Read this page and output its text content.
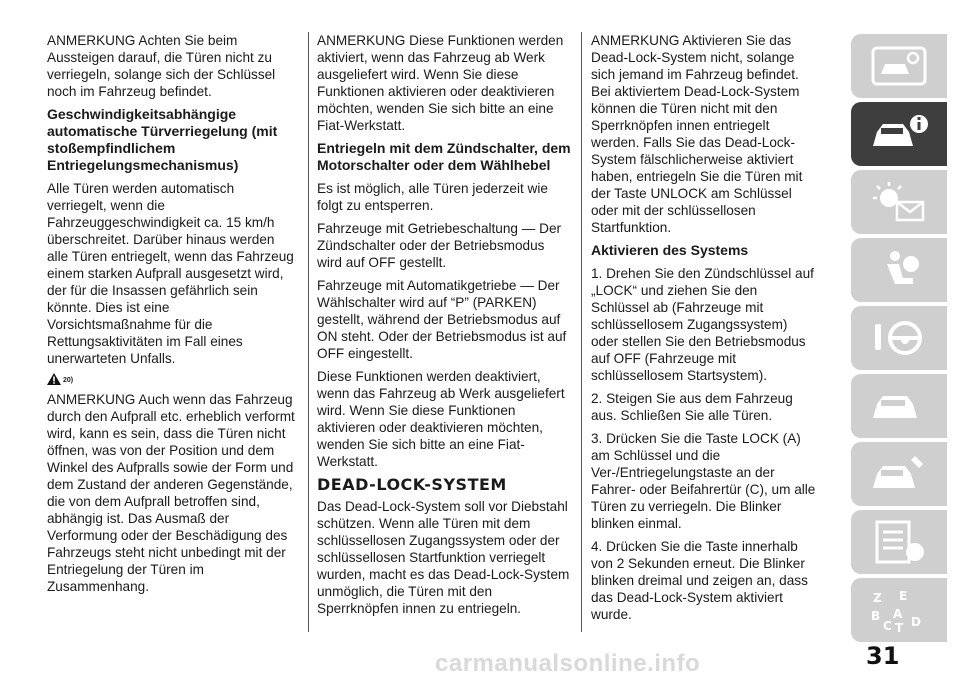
ANMERKUNG Achten Sie beim Aussteigen darauf, die Türen nicht zu verriegeln, solange sich der Schlüssel noch im Fahrzeug befindet.

Geschwindigkeitsabhängige automatische Türverriegelung (mit stoßempfindlichem Entriegelungsmechanismus)

Alle Türen werden automatisch verriegelt, wenn die Fahrzeuggeschwindigkeit ca. 15 km/h überschreitet. Darüber hinaus werden alle Türen entriegelt, wenn das Fahrzeug einem starken Aufprall ausgesetzt wird, der für die Insassen gefährlich sein könnte. Dies ist eine Vorsichtsmaßnahme für die Rettungsaktivitäten im Fall eines unerwarteten Unfalls.

20)

ANMERKUNG Auch wenn das Fahrzeug durch den Aufprall etc. erheblich verformt wird, kann es sein, dass die Türen nicht öffnen, was von der Position und dem Winkel des Aufpralls sowie der Form und dem Zustand der anderen Gegenstände, die von dem Aufprall betroffen sind, abhängig ist. Das Ausmaß der Verformung oder der Beschädigung des Fahrzeugs steht nicht unbedingt mit der Entriegelung der Türen im Zusammenhang.

ANMERKUNG Diese Funktionen werden aktiviert, wenn das Fahrzeug ab Werk ausgeliefert wird. Wenn Sie diese Funktionen aktivieren oder deaktivieren möchten, wenden Sie sich bitte an eine Fiat-Werkstatt.

Entriegeln mit dem Zündschalter, dem Motorschalter oder dem Wählhebel

Es ist möglich, alle Türen jederzeit wie folgt zu entsperren.

Fahrzeuge mit Getriebeschaltung — Der Zündschalter oder der Betriebsmodus wird auf OFF gestellt.

Fahrzeuge mit Automatikgetriebe — Der Wählschalter wird auf “P” (PARKEN) gestellt, während der Betriebsmodus auf ON steht. Oder der Betriebsmodus ist auf OFF eingestellt.

Diese Funktionen werden deaktiviert, wenn das Fahrzeug ab Werk ausgeliefert wird. Wenn Sie diese Funktionen aktivieren oder deaktivieren möchten, wenden Sie sich bitte an eine Fiat-Werkstatt.

DEAD-LOCK-SYSTEM

Das Dead-Lock-System soll vor Diebstahl schützen. Wenn alle Türen mit dem schlüssellosen Zugangssystem oder der schlüssellosen Startfunktion verriegelt wurden, macht es das Dead-Lock-System unmöglich, die Türen mit den Sperrknöpfen innen zu entriegeln.

ANMERKUNG Aktivieren Sie das Dead-Lock-System nicht, solange sich jemand im Fahrzeug befindet. Bei aktiviertem Dead-Lock-System können die Türen nicht mit den Sperrknöpfen innen entriegelt werden. Falls Sie das Dead-Lock-System fälschlicherweise aktiviert haben, entriegeln Sie die Türen mit der Taste UNLOCK am Schlüssel oder mit der schlüssellosen Startfunktion.

Aktivieren des Systems

1. Drehen Sie den Zündschlüssel auf „LOCK“ und ziehen Sie den Schlüssel ab (Fahrzeuge mit schlüssellosem Zugangssystem) oder stellen Sie den Betriebsmodus auf OFF (Fahrzeuge mit schlüssellosem Startsystem).

2. Steigen Sie aus dem Fahrzeug aus. Schließen Sie alle Türen.

3. Drücken Sie die Taste LOCK (A) am Schlüssel und die Ver-/Entriegelungstaste an der Fahrer- oder Beifahrertür (C), um alle Türen zu verriegeln. Die Blinker blinken einmal.

4. Drücken Sie die Taste innerhalb von 2 Sekunden erneut. Die Blinker blinken dreimal und zeigen an, dass das Dead-Lock-System aktiviert wurde.

Z E
B A
C D
T
31
carmanualsonline.info
